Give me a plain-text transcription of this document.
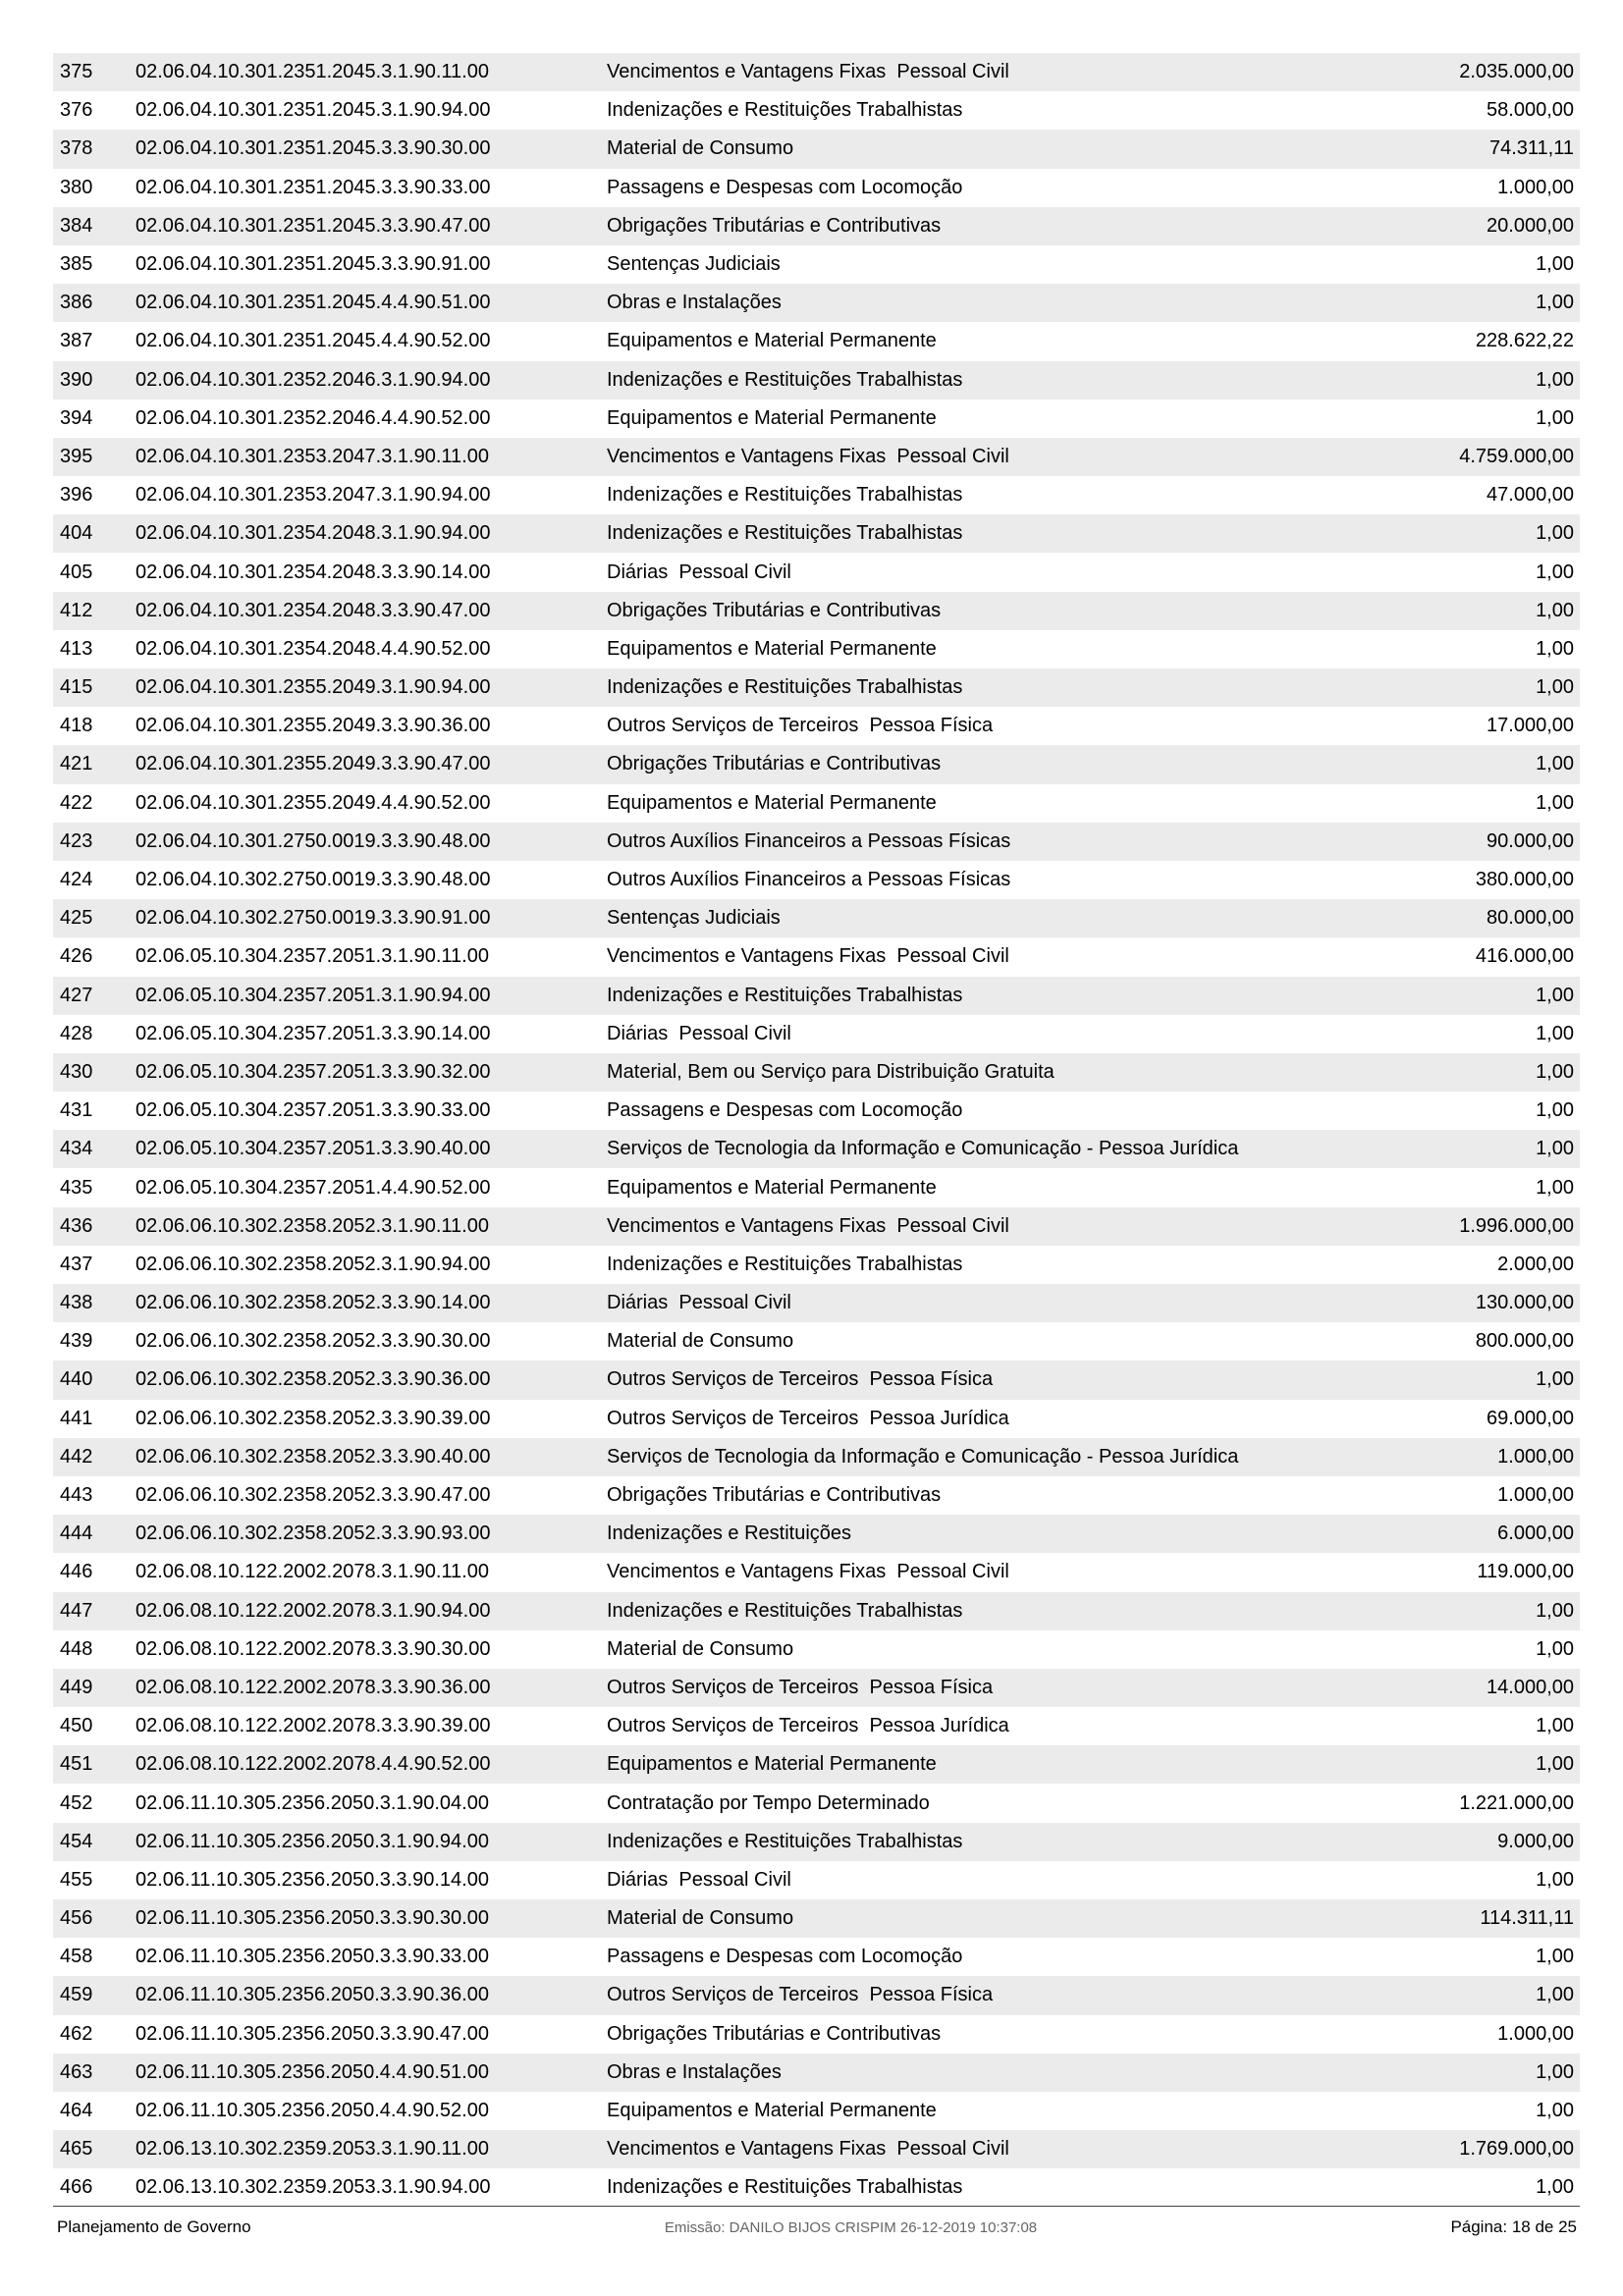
375	02.06.04.10.301.2351.2045.3.1.90.11.00	Vencimentos e Vantagens Fixas  Pessoal Civil	2.035.000,00
376	02.06.04.10.301.2351.2045.3.1.90.94.00	Indenizações e Restituições Trabalhistas	58.000,00
378	02.06.04.10.301.2351.2045.3.3.90.30.00	Material de Consumo	74.311,11
380	02.06.04.10.301.2351.2045.3.3.90.33.00	Passagens e Despesas com Locomoção	1.000,00
384	02.06.04.10.301.2351.2045.3.3.90.47.00	Obrigações Tributárias e Contributivas	20.000,00
385	02.06.04.10.301.2351.2045.3.3.90.91.00	Sentenças Judiciais	1,00
386	02.06.04.10.301.2351.2045.4.4.90.51.00	Obras e Instalações	1,00
387	02.06.04.10.301.2351.2045.4.4.90.52.00	Equipamentos e Material Permanente	228.622,22
390	02.06.04.10.301.2352.2046.3.1.90.94.00	Indenizações e Restituições Trabalhistas	1,00
394	02.06.04.10.301.2352.2046.4.4.90.52.00	Equipamentos e Material Permanente	1,00
395	02.06.04.10.301.2353.2047.3.1.90.11.00	Vencimentos e Vantagens Fixas  Pessoal Civil	4.759.000,00
396	02.06.04.10.301.2353.2047.3.1.90.94.00	Indenizações e Restituições Trabalhistas	47.000,00
404	02.06.04.10.301.2354.2048.3.1.90.94.00	Indenizações e Restituições Trabalhistas	1,00
405	02.06.04.10.301.2354.2048.3.3.90.14.00	Diárias  Pessoal Civil	1,00
412	02.06.04.10.301.2354.2048.3.3.90.47.00	Obrigações Tributárias e Contributivas	1,00
413	02.06.04.10.301.2354.2048.4.4.90.52.00	Equipamentos e Material Permanente	1,00
415	02.06.04.10.301.2355.2049.3.1.90.94.00	Indenizações e Restituições Trabalhistas	1,00
418	02.06.04.10.301.2355.2049.3.3.90.36.00	Outros Serviços de Terceiros  Pessoa Física	17.000,00
421	02.06.04.10.301.2355.2049.3.3.90.47.00	Obrigações Tributárias e Contributivas	1,00
422	02.06.04.10.301.2355.2049.4.4.90.52.00	Equipamentos e Material Permanente	1,00
423	02.06.04.10.301.2750.0019.3.3.90.48.00	Outros Auxílios Financeiros a Pessoas Físicas	90.000,00
424	02.06.04.10.302.2750.0019.3.3.90.48.00	Outros Auxílios Financeiros a Pessoas Físicas	380.000,00
425	02.06.04.10.302.2750.0019.3.3.90.91.00	Sentenças Judiciais	80.000,00
426	02.06.05.10.304.2357.2051.3.1.90.11.00	Vencimentos e Vantagens Fixas  Pessoal Civil	416.000,00
427	02.06.05.10.304.2357.2051.3.1.90.94.00	Indenizações e Restituições Trabalhistas	1,00
428	02.06.05.10.304.2357.2051.3.3.90.14.00	Diárias  Pessoal Civil	1,00
430	02.06.05.10.304.2357.2051.3.3.90.32.00	Material, Bem ou Serviço para Distribuição Gratuita	1,00
431	02.06.05.10.304.2357.2051.3.3.90.33.00	Passagens e Despesas com Locomoção	1,00
434	02.06.05.10.304.2357.2051.3.3.90.40.00	Serviços de Tecnologia da Informação e Comunicação - Pessoa Jurídica	1,00
435	02.06.05.10.304.2357.2051.4.4.90.52.00	Equipamentos e Material Permanente	1,00
436	02.06.06.10.302.2358.2052.3.1.90.11.00	Vencimentos e Vantagens Fixas  Pessoal Civil	1.996.000,00
437	02.06.06.10.302.2358.2052.3.1.90.94.00	Indenizações e Restituições Trabalhistas	2.000,00
438	02.06.06.10.302.2358.2052.3.3.90.14.00	Diárias  Pessoal Civil	130.000,00
439	02.06.06.10.302.2358.2052.3.3.90.30.00	Material de Consumo	800.000,00
440	02.06.06.10.302.2358.2052.3.3.90.36.00	Outros Serviços de Terceiros  Pessoa Física	1,00
441	02.06.06.10.302.2358.2052.3.3.90.39.00	Outros Serviços de Terceiros  Pessoa Jurídica	69.000,00
442	02.06.06.10.302.2358.2052.3.3.90.40.00	Serviços de Tecnologia da Informação e Comunicação - Pessoa Jurídica	1.000,00
443	02.06.06.10.302.2358.2052.3.3.90.47.00	Obrigações Tributárias e Contributivas	1.000,00
444	02.06.06.10.302.2358.2052.3.3.90.93.00	Indenizações e Restituições	6.000,00
446	02.06.08.10.122.2002.2078.3.1.90.11.00	Vencimentos e Vantagens Fixas  Pessoal Civil	119.000,00
447	02.06.08.10.122.2002.2078.3.1.90.94.00	Indenizações e Restituições Trabalhistas	1,00
448	02.06.08.10.122.2002.2078.3.3.90.30.00	Material de Consumo	1,00
449	02.06.08.10.122.2002.2078.3.3.90.36.00	Outros Serviços de Terceiros  Pessoa Física	14.000,00
450	02.06.08.10.122.2002.2078.3.3.90.39.00	Outros Serviços de Terceiros  Pessoa Jurídica	1,00
451	02.06.08.10.122.2002.2078.4.4.90.52.00	Equipamentos e Material Permanente	1,00
452	02.06.11.10.305.2356.2050.3.1.90.04.00	Contratação por Tempo Determinado	1.221.000,00
454	02.06.11.10.305.2356.2050.3.1.90.94.00	Indenizações e Restituições Trabalhistas	9.000,00
455	02.06.11.10.305.2356.2050.3.3.90.14.00	Diárias  Pessoal Civil	1,00
456	02.06.11.10.305.2356.2050.3.3.90.30.00	Material de Consumo	114.311,11
458	02.06.11.10.305.2356.2050.3.3.90.33.00	Passagens e Despesas com Locomoção	1,00
459	02.06.11.10.305.2356.2050.3.3.90.36.00	Outros Serviços de Terceiros  Pessoa Física	1,00
462	02.06.11.10.305.2356.2050.3.3.90.47.00	Obrigações Tributárias e Contributivas	1.000,00
463	02.06.11.10.305.2356.2050.4.4.90.51.00	Obras e Instalações	1,00
464	02.06.11.10.305.2356.2050.4.4.90.52.00	Equipamentos e Material Permanente	1,00
465	02.06.13.10.302.2359.2053.3.1.90.11.00	Vencimentos e Vantagens Fixas  Pessoal Civil	1.769.000,00
466	02.06.13.10.302.2359.2053.3.1.90.94.00	Indenizações e Restituições Trabalhistas	1,00
Planejamento de Governo	Emissão: DANILO BIJOS CRISPIM 26-12-2019 10:37:08	Página: 18 de 25
